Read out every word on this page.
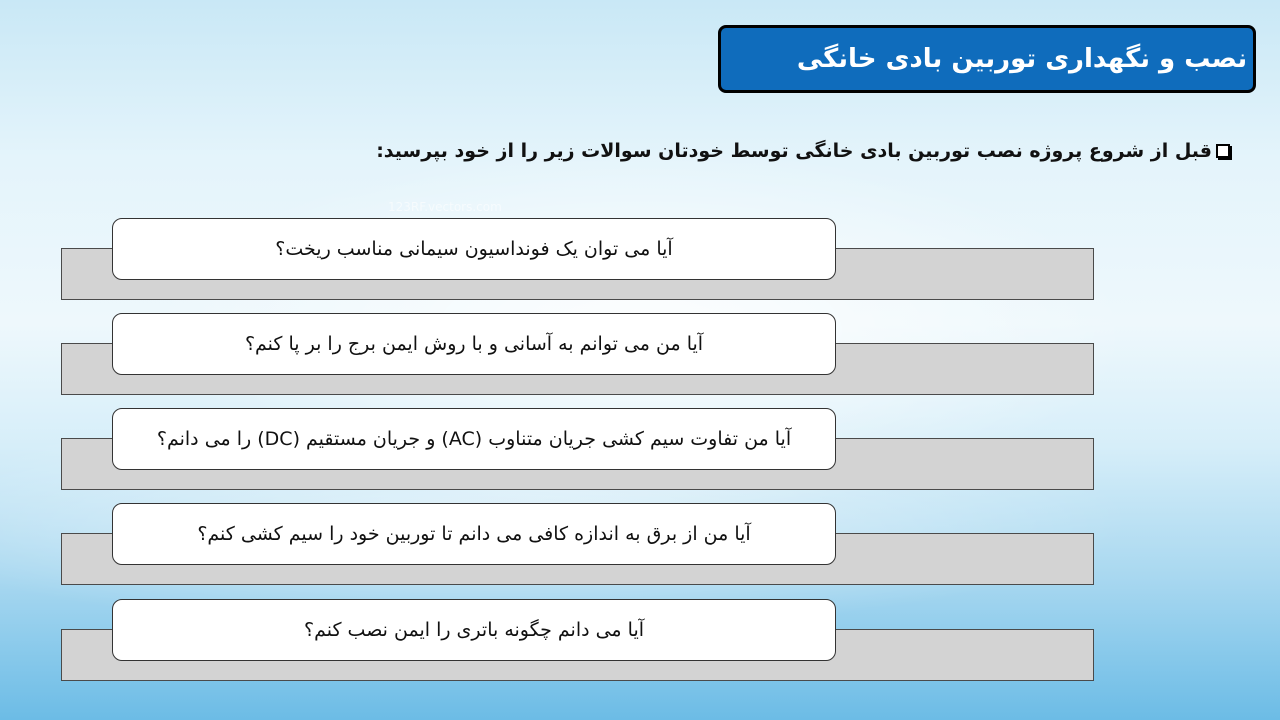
نصب و نگهداری توربین بادی خانگی
قبل از شروع پروژه نصب توربین بادی خانگی توسط خودتان سوالات زیر را از خود بپرسید:
123RF.vectors.com
آیا می توان یک فونداسیون سیمانی مناسب ریخت؟
آیا من می توانم به آسانی و با روش ایمن برج را بر پا کنم؟
آیا من تفاوت سیم کشی جریان متناوب (AC) و جریان مستقیم (DC) را می دانم؟
آیا من از برق به اندازه کافی می دانم تا توربین خود را سیم کشی کنم؟
آیا می دانم چگونه باتری را ایمن نصب کنم؟
